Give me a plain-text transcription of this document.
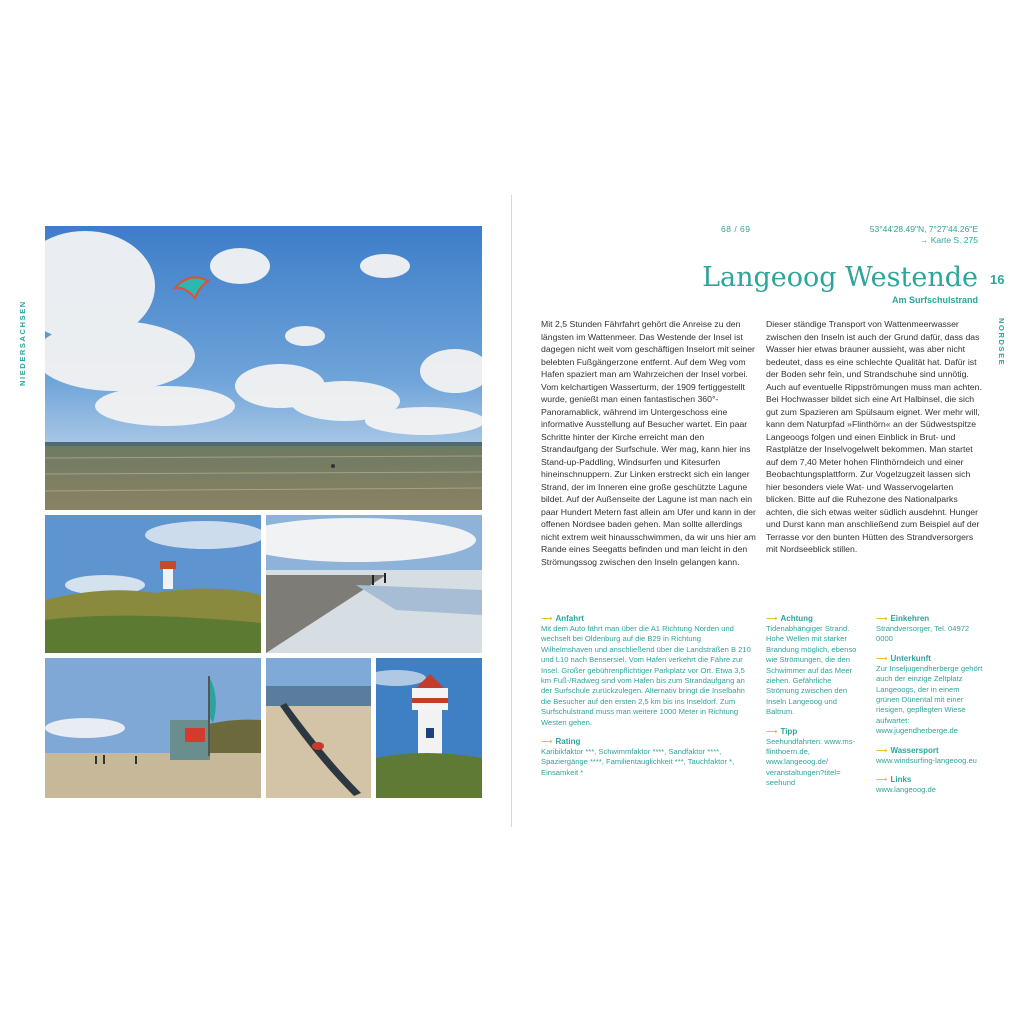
NIEDERSACHSEN	NORDSEE
68 / 69	53°44'28.49"N, 7°27'44.26"E
→ Karte S. 275
Langeoog Westende 16
Am Surfschulstrand
Mit 2,5 Stunden Fährfahrt gehört die Anreise zu den längsten im Wattenmeer. Das Westende der Insel ist dagegen nicht weit vom geschäftigen Inselort mit seiner belebten Fußgängerzone entfernt. Auf dem Weg vom Hafen spaziert man am Wahrzeichen der Insel vorbei. Vom kelchartigen Wasserturm, der 1909 fertiggestellt wurde, genießt man einen fantastischen 360°-Panoramablick, während im Untergeschoss eine informative Ausstellung auf Besucher wartet. Ein paar Schritte hinter der Kirche erreicht man den Strandaufgang der Surfschule. Wer mag, kann hier ins Stand-up-Paddling, Windsurfen und Kitesurfen hineinschnuppern. Zur Linken erstreckt sich ein langer Strand, der im Inneren eine große geschützte Lagune bildet. Auf der Außenseite der Lagune ist man nach ein paar Hundert Metern fast allein am Ufer und kann in der offenen Nordsee baden gehen. Man sollte allerdings nicht extrem weit hinausschwimmen, da wir uns hier am Rande eines Seegatts befinden und man leicht in den Strömungssog zwischen den Inseln gelangen kann.
Dieser ständige Transport von Wattenmeerwasser zwischen den Inseln ist auch der Grund dafür, dass das Wasser hier etwas brauner aussieht, was aber nicht bedeutet, dass es eine schlechte Qualität hat. Dafür ist der Boden sehr fein, und Strandschuhe sind unnötig. Auch auf eventuelle Rippströmungen muss man achten. Bei Hochwasser bildet sich eine Art Halbinsel, die sich gut zum Spazieren am Spülsaum eignet. Wer mehr will, kann dem Naturpfad »Flinthörn« an der Südwestspitze Langeoogs folgen und einen Einblick in Brut- und Rastplätze der Inselvogelwelt bekommen. Man startet auf dem 7,40 Meter hohen Flinthörndeich und einer Beobachtungsplattform. Zur Vogelzugzeit lassen sich hier besonders viele Wat- und Wasservogelarten blicken. Bitte auf die Ruhezone des Nationalparks achten, die sich etwas weiter südlich ausdehnt. Hunger und Durst kann man anschließend zum Beispiel auf der Terrasse vor den bunten Hütten des Strandversorgers mit Nordseeblick stillen.
⟶ Anfahrt

Mit dem Auto fährt man über die A1 Richtung Norden und wechselt bei Oldenburg auf die B29 in Richtung Wilhelmshaven und anschließend über die Landstraßen B 210 und L10 nach Bensersiel. Vom Hafen verkehrt die Fähre zur Insel. Großer gebührenpflichtiger Parkplatz vor Ort. Etwa 3,5 km Fuß-/Radweg sind vom Hafen bis zum Strandaufgang an der Surfschule zurückzulegen. Alternativ bringt die Inselbahn die Besucher auf den ersten 2,5 km bis ins Inseldorf. Zum Surfschulstrand muss man weitere 1000 Meter in Richtung Westen gehen.

⟶ Rating

Karibikfaktor ***, Schwimmfaktor ****, Sandfaktor ****, Spaziergänge ****, Familientauglichkeit ***, Tauchfaktor *, Einsamkeit *

⟶ Achtung

Tidenabhängiger Strand. Hohe Wellen mit starker Brandung möglich, ebenso wie Strömungen, die den Schwimmer auf das Meer ziehen. Gefährliche Strömung zwischen den Inseln Langeoog und Baltrum.

⟶ Tipp

Seehundfahrten: www.ms-flinthoern.de, www.langeoog.de/ veranstaltungen?titel= seehund

⟶ Einkehren

Strandversorger, Tel. 04972 0000

⟶ Unterkunft

Zur Inseljugendherberge gehört auch der einzige Zeltplatz Langeoogs, der in einem grünen Dünental mit einer riesigen, gepflegten Wiese aufwartet: www.jugendherberge.de

⟶ Wassersport

www.windsurfing-langeoog.eu

⟶ Links

www.langeoog.de
